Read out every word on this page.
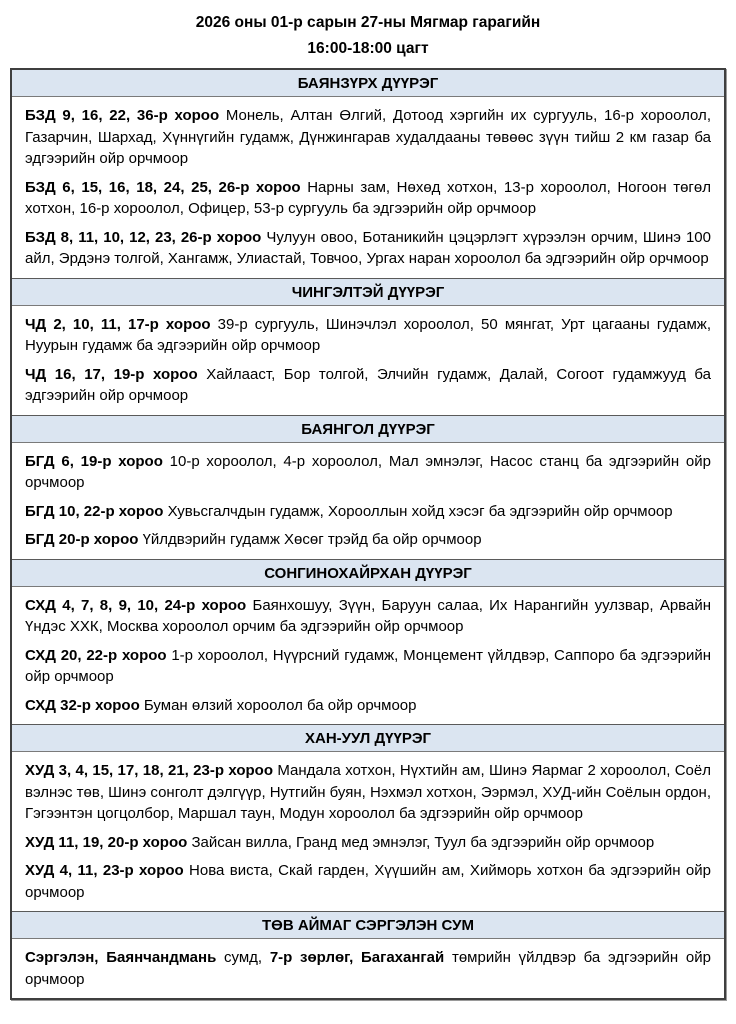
2026 оны 01-р сарын 27-ны Мягмар гарагийн
16:00-18:00 цагт
БАЯНЗҮРХ ДҮҮРЭГ

БЗД 9, 16, 22, 36-р хороо Монель, Алтан Өлгий, Дотоод хэргийн их сургууль, 16-р хороолол, Газарчин, Шархад, Хүннүгийн гудамж, Дүнжингарав худалдааны төвөөс зүүн тийш 2 км газар ба эдгээрийн ойр орчмоор

БЗД 6, 15, 16, 18, 24, 25, 26-р хороо Нарны зам, Нөхөд хотхон, 13-р хороолол, Ногоон төгөл хотхон, 16-р хороолол, Офицер, 53-р сургууль ба эдгээрийн ойр орчмоор

БЗД 8, 11, 10, 12, 23, 26-р хороо Чулуун овоо, Ботаникийн цэцэрлэгт хүрээлэн орчим, Шинэ 100 айл, Эрдэнэ толгой, Хангамж, Улиастай, Товчоо, Ургах наран хороолол ба эдгээрийн ойр орчмоор

ЧИНГЭЛТЭЙ ДҮҮРЭГ

ЧД 2, 10, 11, 17-р хороо 39-р сургууль, Шинэчлэл хороолол, 50 мянгат, Урт цагааны гудамж, Нуурын гудамж ба эдгээрийн ойр орчмоор

ЧД 16, 17, 19-р хороо Хайлааст, Бор толгой, Элчийн гудамж, Далай, Согоот гудамжууд ба эдгээрийн ойр орчмоор

БАЯНГОЛ ДҮҮРЭГ

БГД 6, 19-р хороо 10-р хороолол, 4-р хороолол, Мал эмнэлэг, Насос станц ба эдгээрийн ойр орчмоор

БГД 10, 22-р хороо Хувьсгалчдын гудамж, Хорооллын хойд хэсэг ба эдгээрийн ойр орчмоор

БГД 20-р хороо Үйлдвэрийн гудамж Хөсөг трэйд ба ойр орчмоор

СОНГИНОХАЙРХАН ДҮҮРЭГ

СХД 4, 7, 8, 9, 10, 24-р хороо Баянхошуу, Зүүн, Баруун салаа, Их Нарангийн уулзвар, Арвайн Үндэс ХХК, Москва хороолол орчим ба эдгээрийн ойр орчмоор

СХД 20, 22-р хороо 1-р хороолол, Нүүрсний гудамж, Монцемент үйлдвэр, Саппоро ба эдгээрийн ойр орчмоор

СХД 32-р хороо Буман өлзий хороолол ба ойр орчмоор

ХАН-УУЛ ДҮҮРЭГ

ХУД 3, 4, 15, 17, 18, 21, 23-р хороо Мандала хотхон, Нүхтийн ам, Шинэ Яармаг 2 хороолол, Соёл вэлнэс төв, Шинэ сонголт дэлгүүр, Нутгийн буян, Нэхмэл хотхон, Ээрмэл, ХУД-ийн Соёлын ордон, Гэгээнтэн цогцолбор, Маршал таун, Модун хороолол ба эдгээрийн ойр орчмоор

ХУД 11, 19, 20-р хороо Зайсан вилла, Гранд мед эмнэлэг, Туул ба эдгээрийн ойр орчмоор

ХУД 4, 11, 23-р хороо Нова виста, Скай гарден, Хүүшийн ам, Хийморь хотхон ба эдгээрийн ойр орчмоор

ТӨВ АЙМАГ СЭРГЭЛЭН СУМ

Сэргэлэн, Баянчандмань сумд, 7-р зөрлөг, Багахангай төмрийн үйлдвэр ба эдгээрийн ойр орчмоор
